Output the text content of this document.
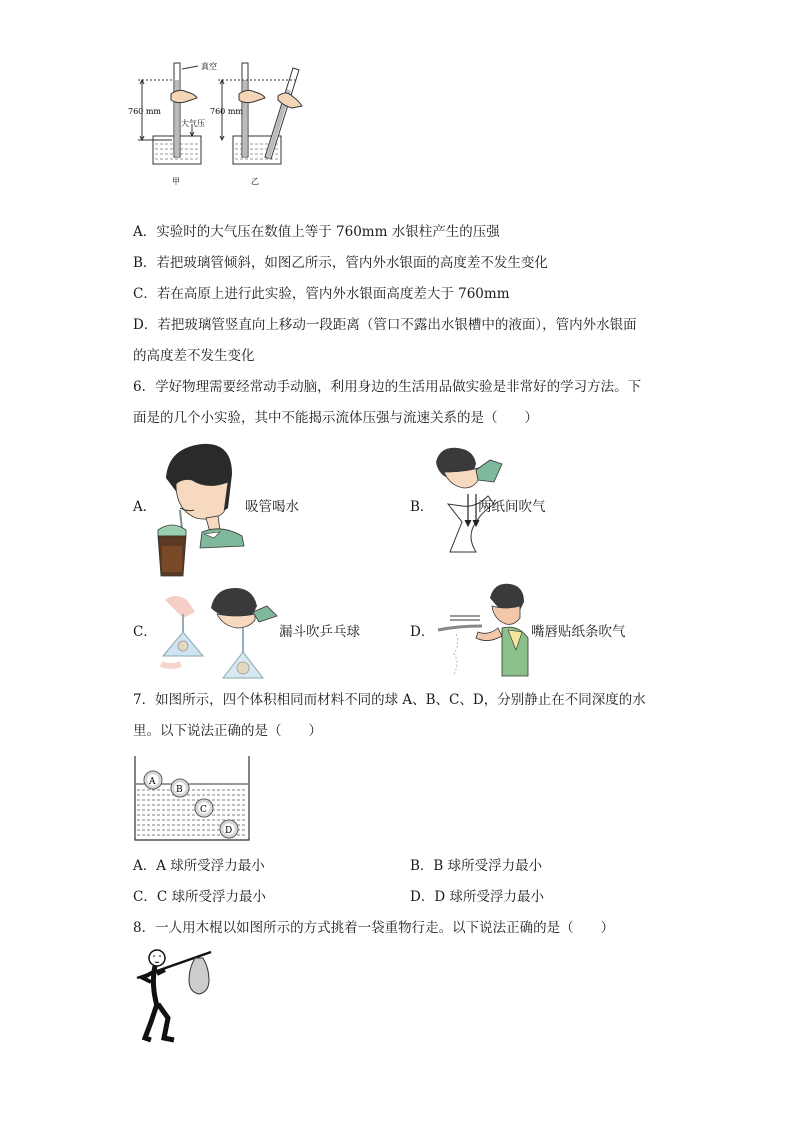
真空
760 mm
大气压
甲
760 mm
乙
A．实验时的大气压在数值上等于 760mm 水银柱产生的压强
B．若把玻璃管倾斜，如图乙所示，管内外水银面的高度差不发生变化
C．若在高原上进行此实验，管内外水银面高度差大于 760mm
D．若把玻璃管竖直向上移动一段距离（管口不露出水银槽中的液面），管内外水银面
的高度差不发生变化
6．学好物理需要经常动手动脑，利用身边的生活用品做实验是非常好的学习方法。下
面是的几个小实验，其中不能揭示流体压强与流速关系的是（　　）
A．	吸管喝水	B．	两纸间吹气
C．	漏斗吹乒乓球	D．	嘴唇贴纸条吹气
7．如图所示，四个体积相同而材料不同的球 A、B、C、D，分别静止在不同深度的水
里。以下说法正确的是（　　）
A
B
C
D
A．A 球所受浮力最小	B．B 球所受浮力最小
C．C 球所受浮力最小	D．D 球所受浮力最小
8．一人用木棍以如图所示的方式挑着一袋重物行走。以下说法正确的是（　　）
